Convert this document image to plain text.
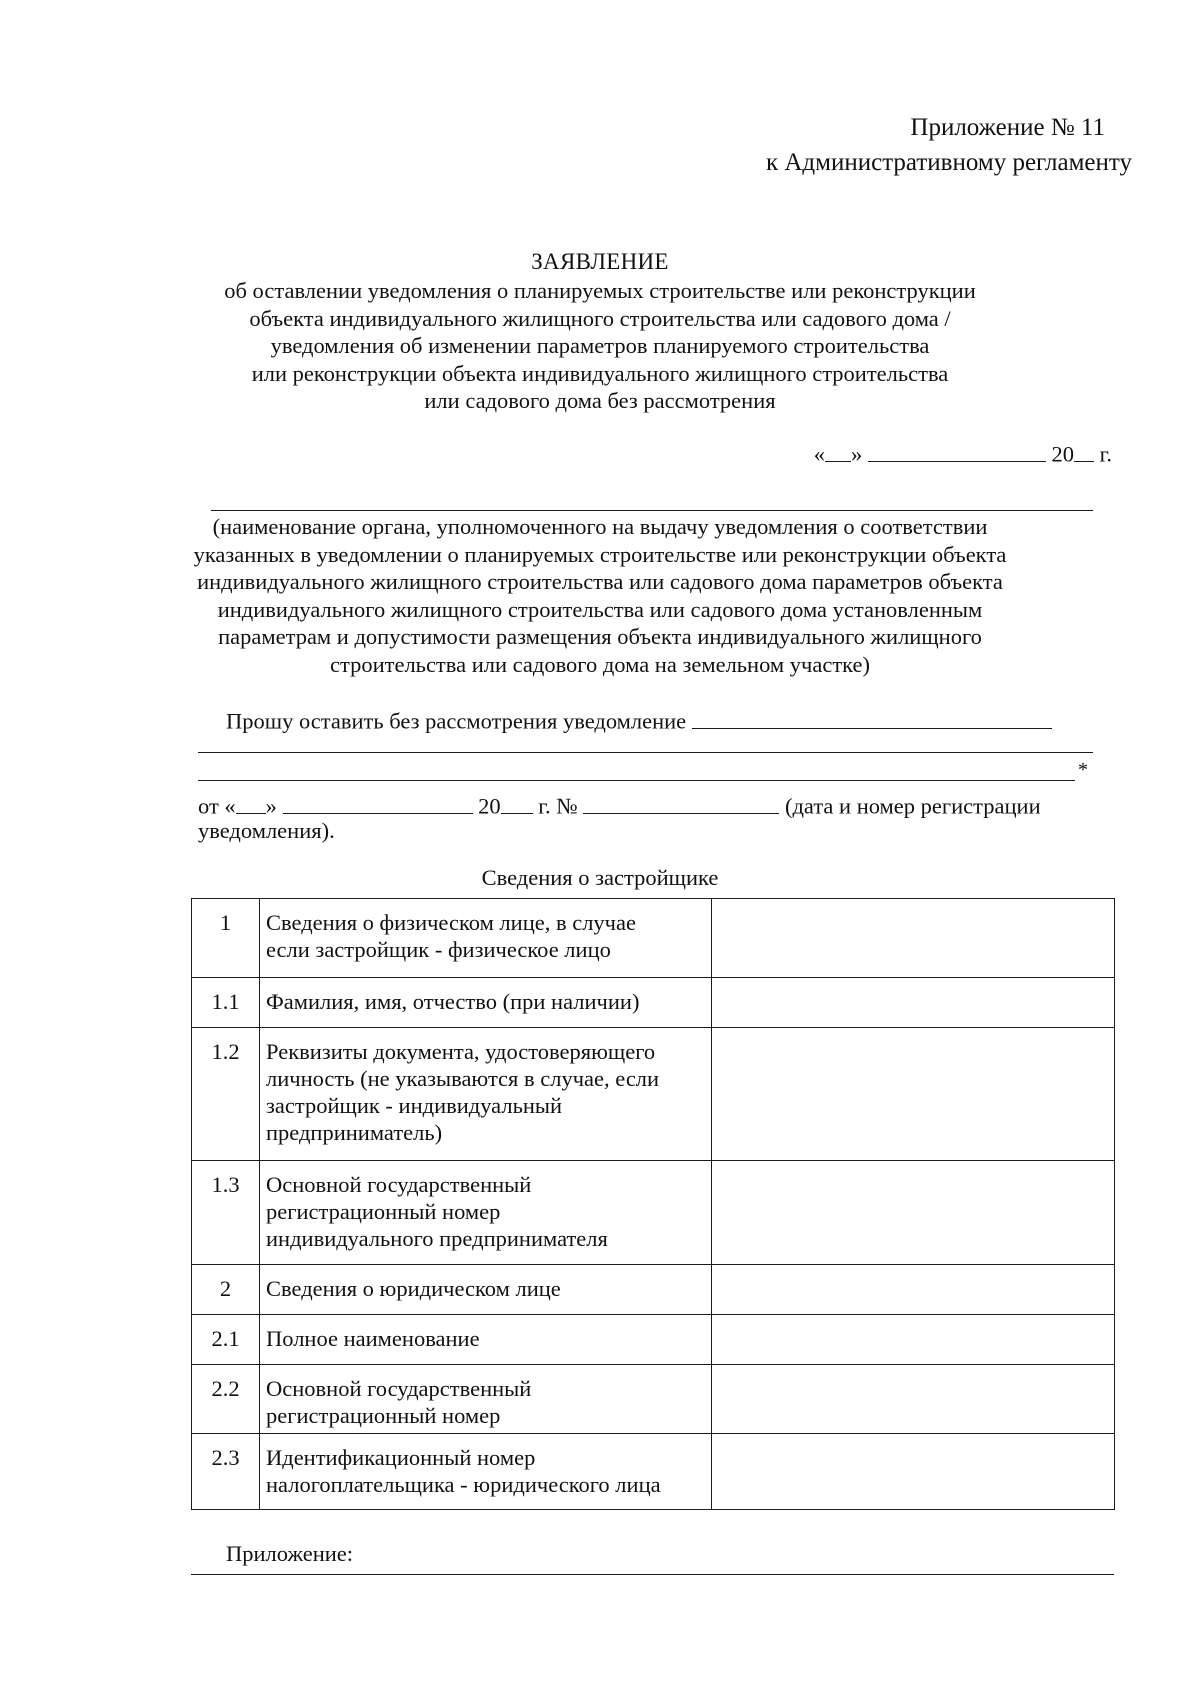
Приложение № 11
к Административному регламенту
ЗАЯВЛЕНИЕ
об оставлении уведомления о планируемых строительстве или реконструкции
объекта индивидуального жилищного строительства или садового дома /
уведомления об изменении параметров планируемого строительства
или реконструкции объекта индивидуального жилищного строительства
или садового дома без рассмотрения
« »	20 г.
(наименование органа, уполномоченного на выдачу уведомления о соответствии
указанных в уведомлении о планируемых строительстве или реконструкции объекта
индивидуального жилищного строительства или садового дома параметров объекта
индивидуального жилищного строительства или садового дома установленным
параметрам и допустимости размещения объекта индивидуального жилищного
строительства или садового дома на земельном участке)
Прошу оставить без рассмотрения уведомление
*
от « »	20 г. №	(дата и номер регистрации
уведомления).
Сведения о застройщике
1	Сведения о физическом лице, в случае
если застройщик - физическое лицо	

1.1	Фамилия, имя, отчество (при наличии)	

1.2	Реквизиты документа, удостоверяющего
личность (не указываются в случае, если
застройщик - индивидуальный
предприниматель)	

1.3	Основной государственный
регистрационный номер
индивидуального предпринимателя	

2	Сведения о юридическом лице	

2.1	Полное наименование	

2.2	Основной государственный
регистрационный номер	

2.3	Идентификационный номер
налогоплательщика - юридического лица	

Приложение:
